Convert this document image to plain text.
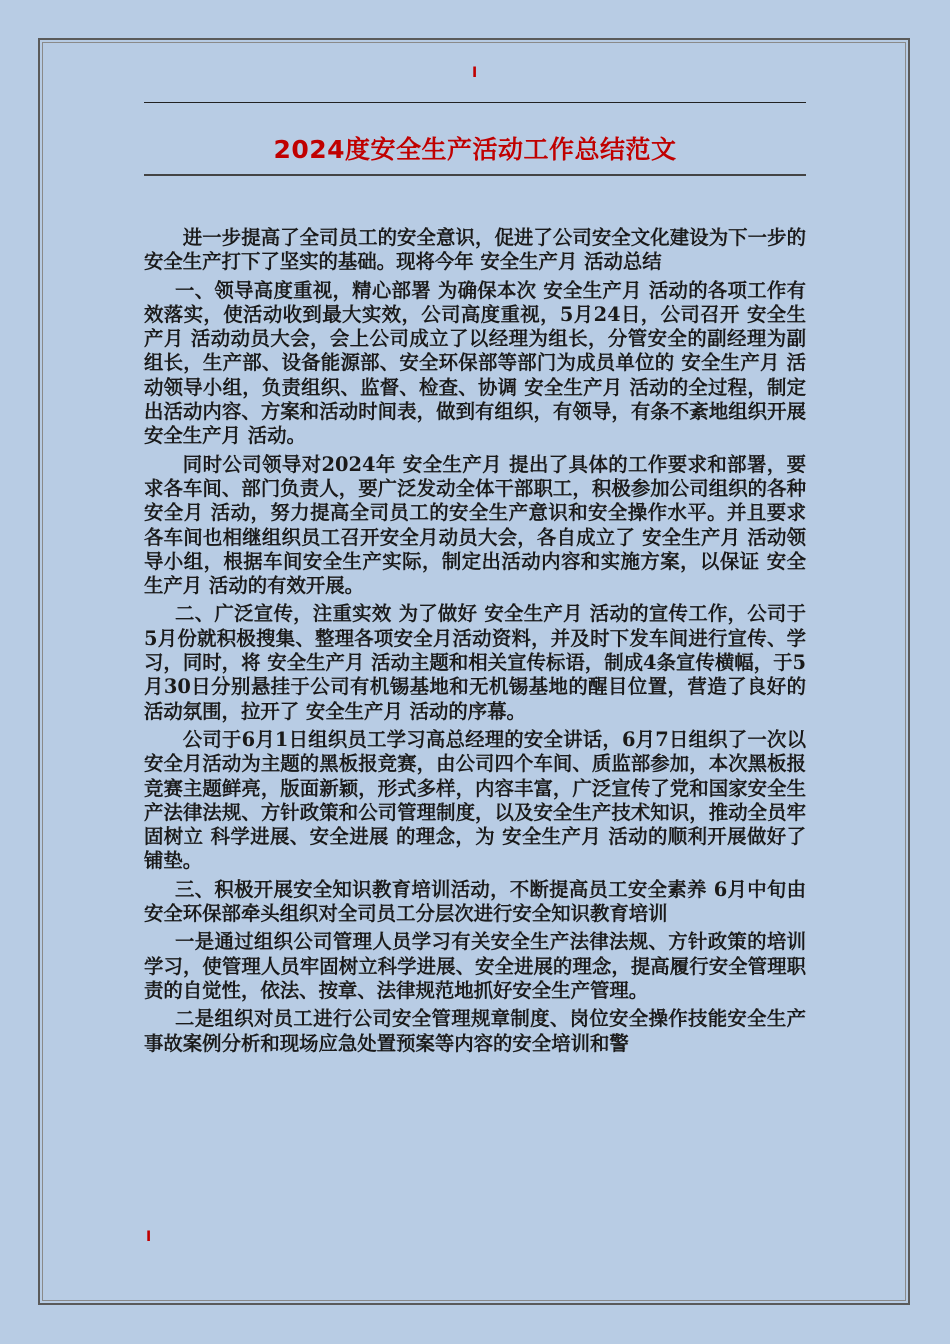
I
2024度安全生产活动工作总结范文

进一步提高了全司员工的安全意识，促进了公司安全文化建设为下一步的安全生产打下了坚实的基础。现将今年 安全生产月 活动总结

一、领导高度重视，精心部署 为确保本次 安全生产月 活动的各项工作有效落实，使活动收到最大实效，公司高度重视，5月24日，公司召开 安全生产月 活动动员大会，会上公司成立了以经理为组长，分管安全的副经理为副组长，生产部、设备能源部、安全环保部等部门为成员单位的 安全生产月 活动领导小组，负责组织、监督、检查、协调 安全生产月 活动的全过程，制定出活动内容、方案和活动时间表，做到有组织，有领导，有条不紊地组织开展 安全生产月 活动。

同时公司领导对2024年 安全生产月 提出了具体的工作要求和部署，要求各车间、部门负责人，要广泛发动全体干部职工，积极参加公司组织的各种 安全月 活动，努力提高全司员工的安全生产意识和安全操作水平。并且要求各车间也相继组织员工召开安全月动员大会，各自成立了 安全生产月 活动领导小组，根据车间安全生产实际，制定出活动内容和实施方案，以保证 安全生产月 活动的有效开展。

二、广泛宣传，注重实效 为了做好 安全生产月 活动的宣传工作，公司于5月份就积极搜集、整理各项安全月活动资料，并及时下发车间进行宣传、学习，同时，将 安全生产月 活动主题和相关宣传标语，制成4条宣传横幅，于5月30日分别悬挂于公司有机锡基地和无机锡基地的醒目位置，营造了良好的活动氛围，拉开了 安全生产月 活动的序幕。

公司于6月1日组织员工学习高总经理的安全讲话，6月7日组织了一次以安全月活动为主题的黑板报竞赛，由公司四个车间、质监部参加，本次黑板报竞赛主题鲜亮，版面新颖，形式多样，内容丰富，广泛宣传了党和国家安全生产法律法规、方针政策和公司管理制度，以及安全生产技术知识，推动全员牢固树立 科学进展、安全进展 的理念，为 安全生产月 活动的顺利开展做好了铺垫。

三、积极开展安全知识教育培训活动，不断提高员工安全素养 6月中旬由安全环保部牵头组织对全司员工分层次进行安全知识教育培训

一是通过组织公司管理人员学习有关安全生产法律法规、方针政策的培训学习，使管理人员牢固树立科学进展、安全进展的理念，提高履行安全管理职责的自觉性，依法、按章、法律规范地抓好安全生产管理。

二是组织对员工进行公司安全管理规章制度、岗位安全操作技能安全生产事故案例分析和现场应急处置预案等内容的安全培训和警

I
